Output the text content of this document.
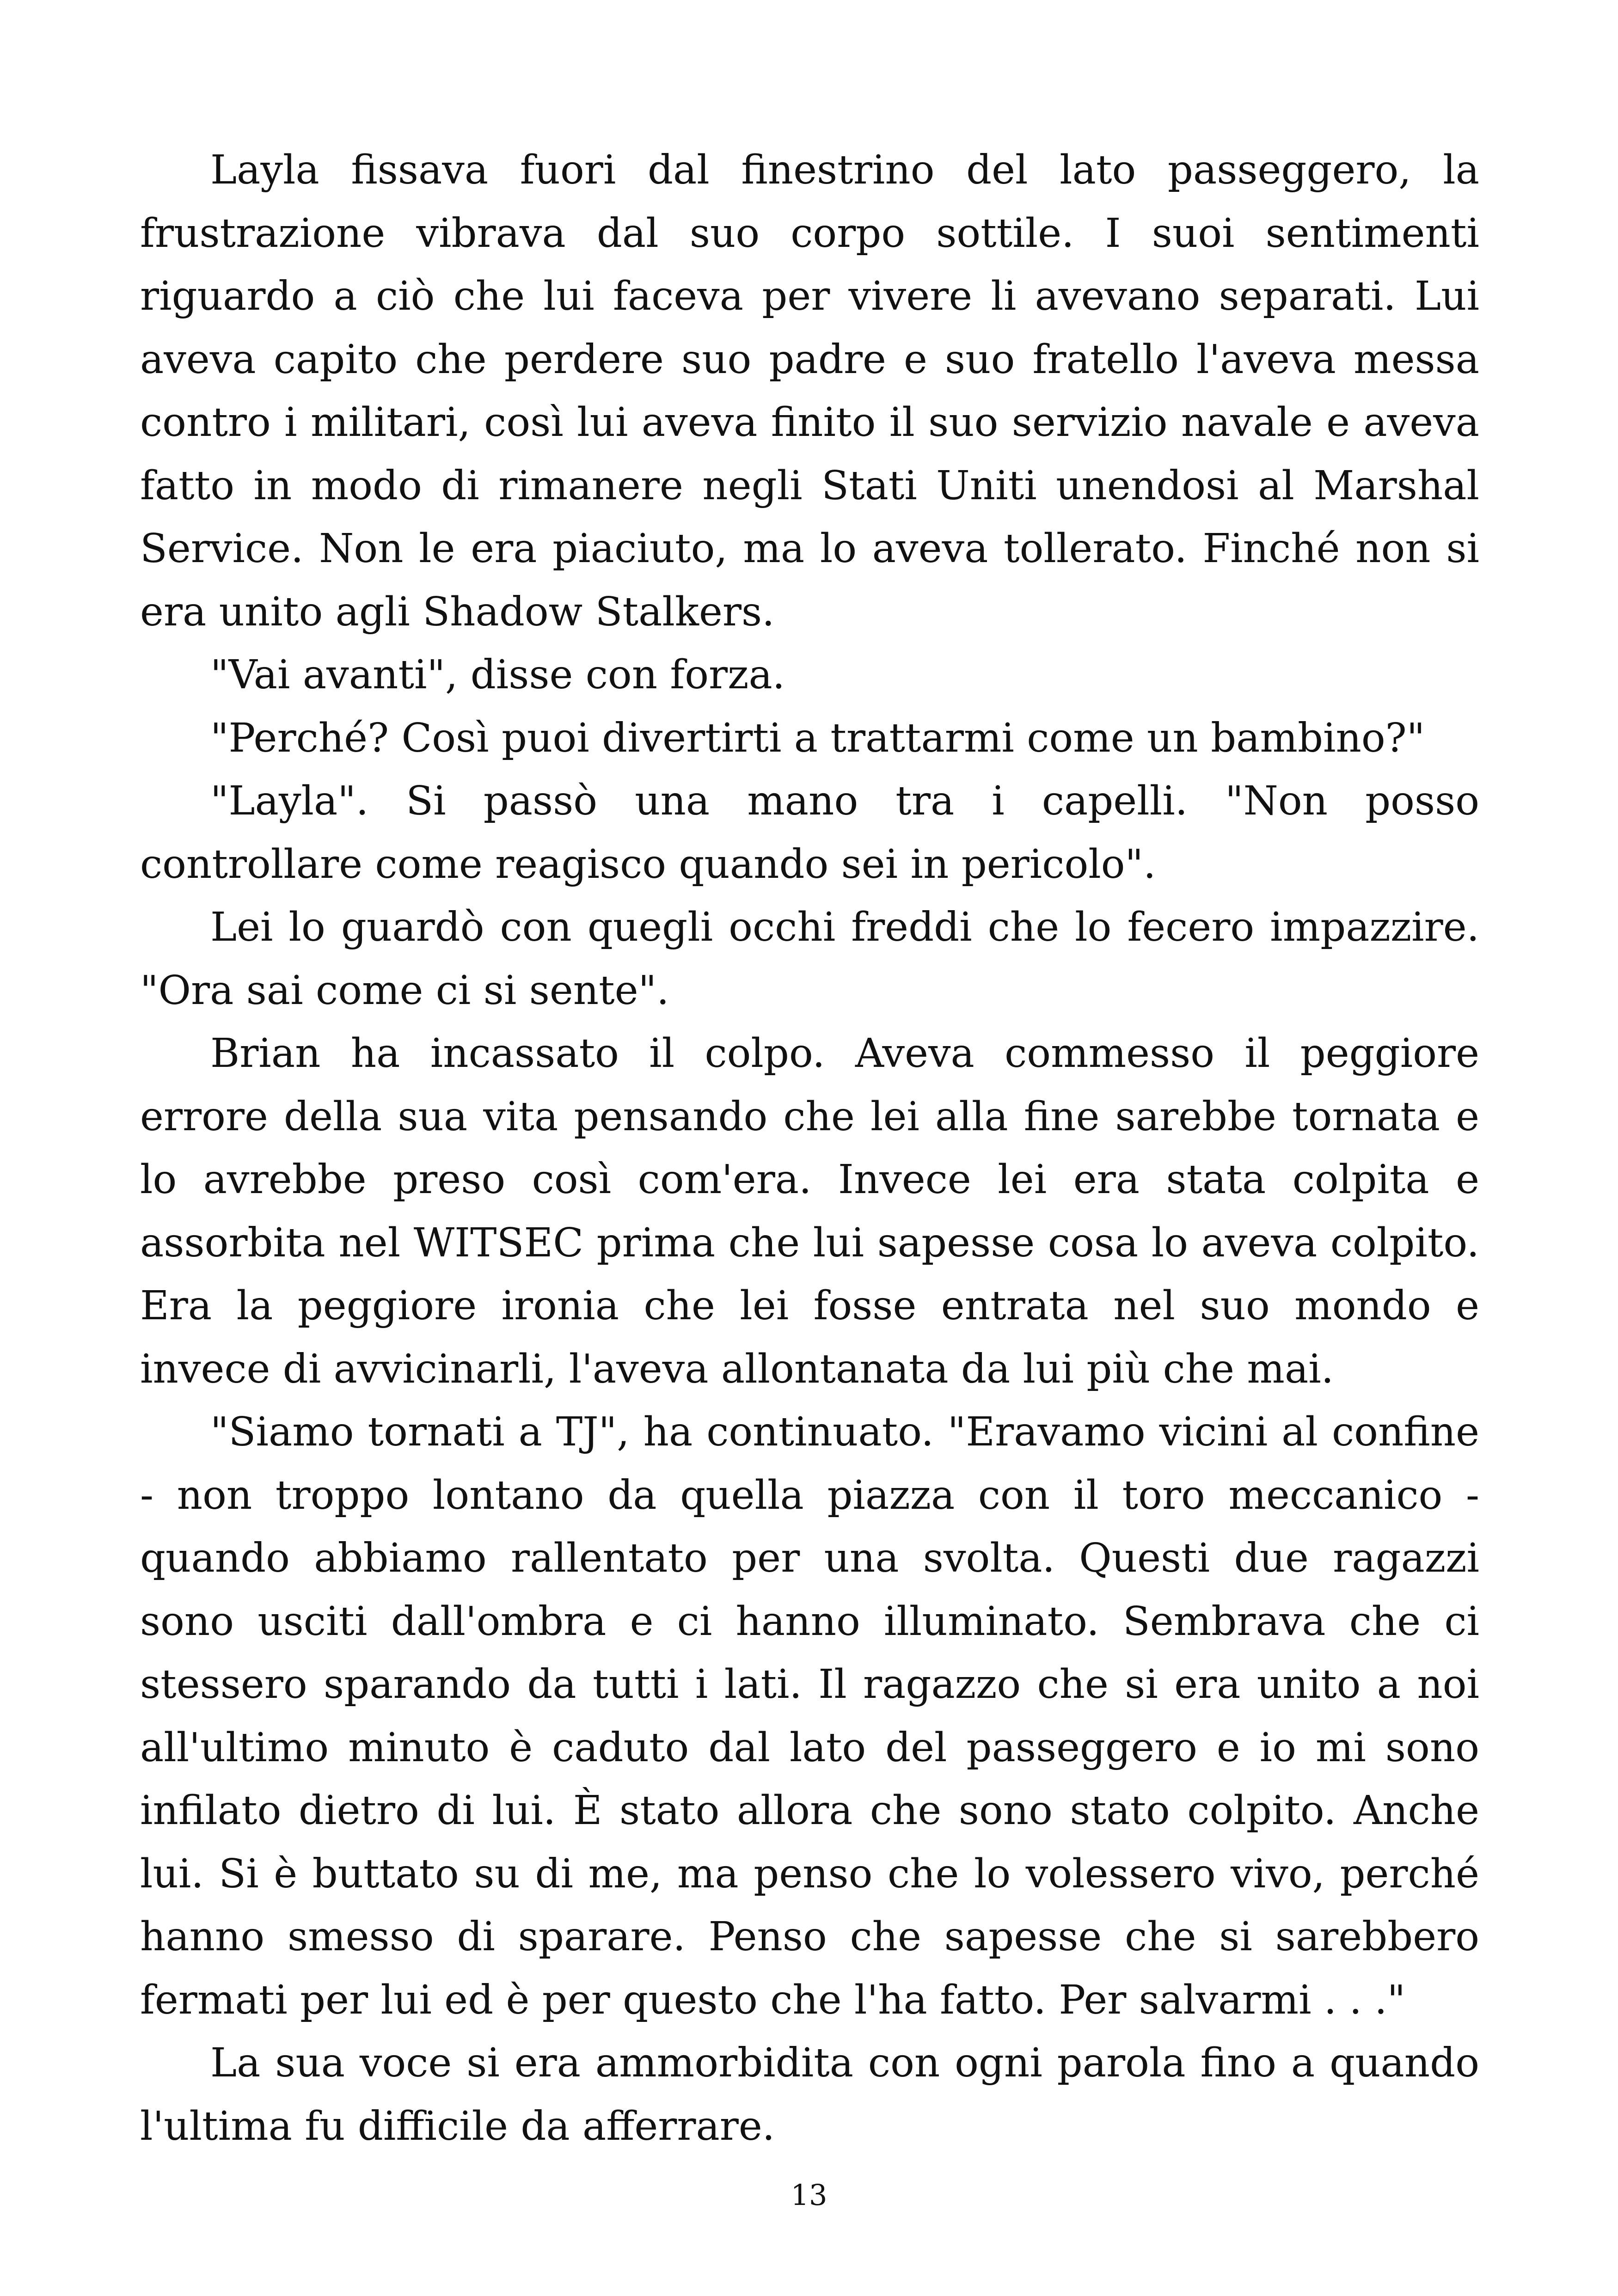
Layla fissava fuori dal finestrino del lato passeggero, la frustrazione vibrava dal suo corpo sottile. I suoi sentimenti riguardo a ciò che lui faceva per vivere li avevano separati. Lui aveva capito che perdere suo padre e suo fratello l'aveva messa contro i militari, così lui aveva finito il suo servizio navale e aveva fatto in modo di rimanere negli Stati Uniti unendosi al Marshal Service. Non le era piaciuto, ma lo aveva tollerato. Finché non si era unito agli Shadow Stalkers.

"Vai avanti", disse con forza.

"Perché? Così puoi divertirti a trattarmi come un bambino?"

"Layla". Si passò una mano tra i capelli. "Non posso controllare come reagisco quando sei in pericolo".

Lei lo guardò con quegli occhi freddi che lo fecero impazzire. "Ora sai come ci si sente".

Brian ha incassato il colpo. Aveva commesso il peggiore errore della sua vita pensando che lei alla fine sarebbe tornata e lo avrebbe preso così com'era. Invece lei era stata colpita e assorbita nel WITSEC prima che lui sapesse cosa lo aveva colpito. Era la peggiore ironia che lei fosse entrata nel suo mondo e invece di avvicinarli, l'aveva allontanata da lui più che mai.

"Siamo tornati a TJ", ha continuato. "Eravamo vicini al confine - non troppo lontano da quella piazza con il toro meccanico - quando abbiamo rallentato per una svolta. Questi due ragazzi sono usciti dall'ombra e ci hanno illuminato. Sembrava che ci stessero sparando da tutti i lati. Il ragazzo che si era unito a noi all'ultimo minuto è caduto dal lato del passeggero e io mi sono infilato dietro di lui. È stato allora che sono stato colpito. Anche lui. Si è buttato su di me, ma penso che lo volessero vivo, perché hanno smesso di sparare. Penso che sapesse che si sarebbero fermati per lui ed è per questo che l'ha fatto. Per salvarmi . . ."

La sua voce si era ammorbidita con ogni parola fino a quando l'ultima fu difficile da afferrare.

13
